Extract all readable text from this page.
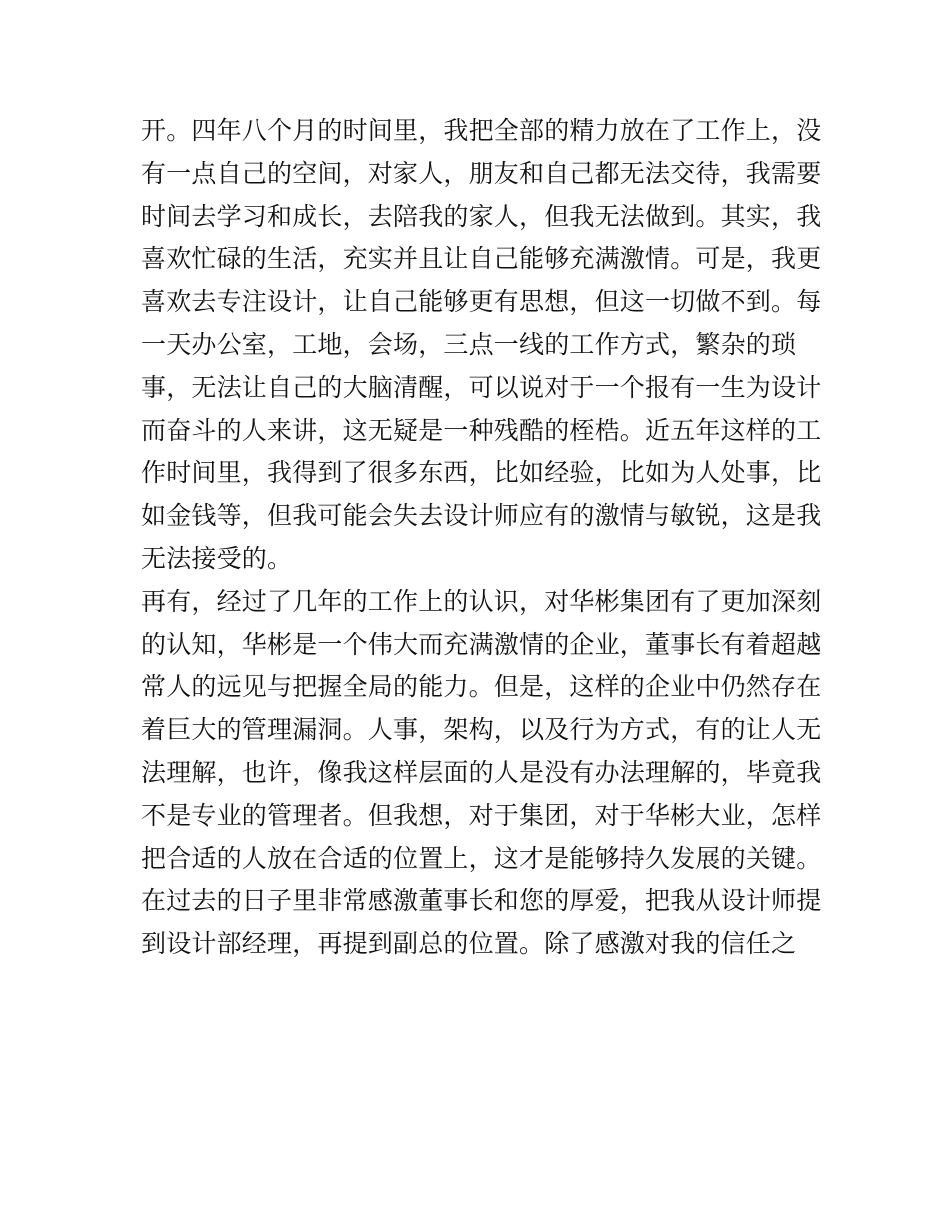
开。四年八个月的时间里，我把全部的精力放在了工作上，没
有一点自己的空间，对家人，朋友和自己都无法交待，我需要
时间去学习和成长，去陪我的家人，但我无法做到。其实，我
喜欢忙碌的生活，充实并且让自己能够充满激情。可是，我更
喜欢去专注设计，让自己能够更有思想，但这一切做不到。每
一天办公室，工地，会场，三点一线的工作方式，繁杂的琐
事，无法让自己的大脑清醒，可以说对于一个报有一生为设计
而奋斗的人来讲，这无疑是一种残酷的桎梏。近五年这样的工
作时间里，我得到了很多东西，比如经验，比如为人处事，比
如金钱等，但我可能会失去设计师应有的激情与敏锐，这是我
无法接受的。
再有，经过了几年的工作上的认识，对华彬集团有了更加深刻
的认知，华彬是一个伟大而充满激情的企业，董事长有着超越
常人的远见与把握全局的能力。但是，这样的企业中仍然存在
着巨大的管理漏洞。人事，架构，以及行为方式，有的让人无
法理解，也许，像我这样层面的人是没有办法理解的，毕竟我
不是专业的管理者。但我想，对于集团，对于华彬大业，怎样
把合适的人放在合适的位置上，这才是能够持久发展的关键。
在过去的日子里非常感激董事长和您的厚爱，把我从设计师提
到设计部经理，再提到副总的位置。除了感激对我的信任之
